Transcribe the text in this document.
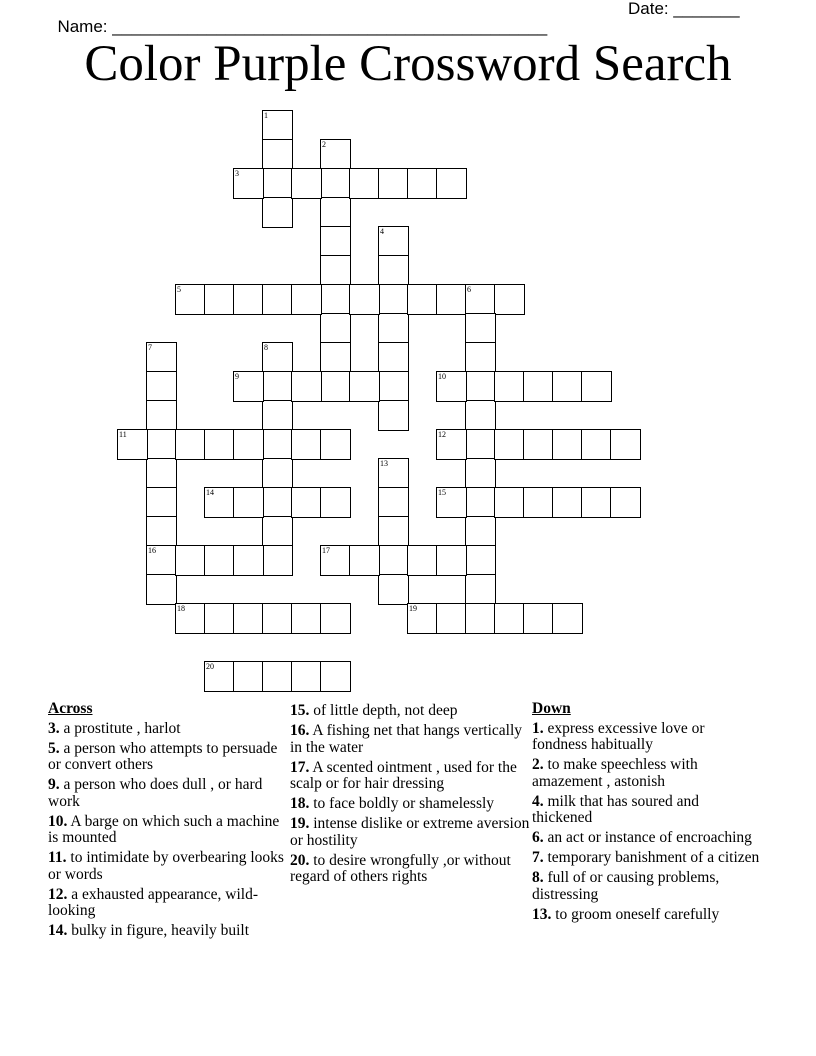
Name: ______________________________________________

Date: _______

Color Purple Crossword Search
1
2
3
4
5	6
7
16
8
9	10
11	12
13
14	15
17
18	19
20
Across
3. a prostitute , harlot
5. a person who attempts to persuade or convert others
9. a person who does dull , or hard work
10. A barge on which such a machine is mounted
11. to intimidate by overbearing looks or words
12. a exhausted appearance, wild-looking
14. bulky in figure, heavily built
15. of little depth, not deep
16. A fishing net that hangs vertically in the water
17. A scented ointment , used for the scalp or for hair dressing
18. to face boldly or shamelessly
19. intense dislike or extreme aversion or hostility
20. to desire wrongfully ,or without regard of others rights
Down
1. express excessive love or fondness habitually
2. to make speechless with amazement , astonish
4. milk that has soured and thickened
6. an act or instance of encroaching
7. temporary banishment of a citizen
8. full of or causing problems, distressing
13. to groom oneself carefully
